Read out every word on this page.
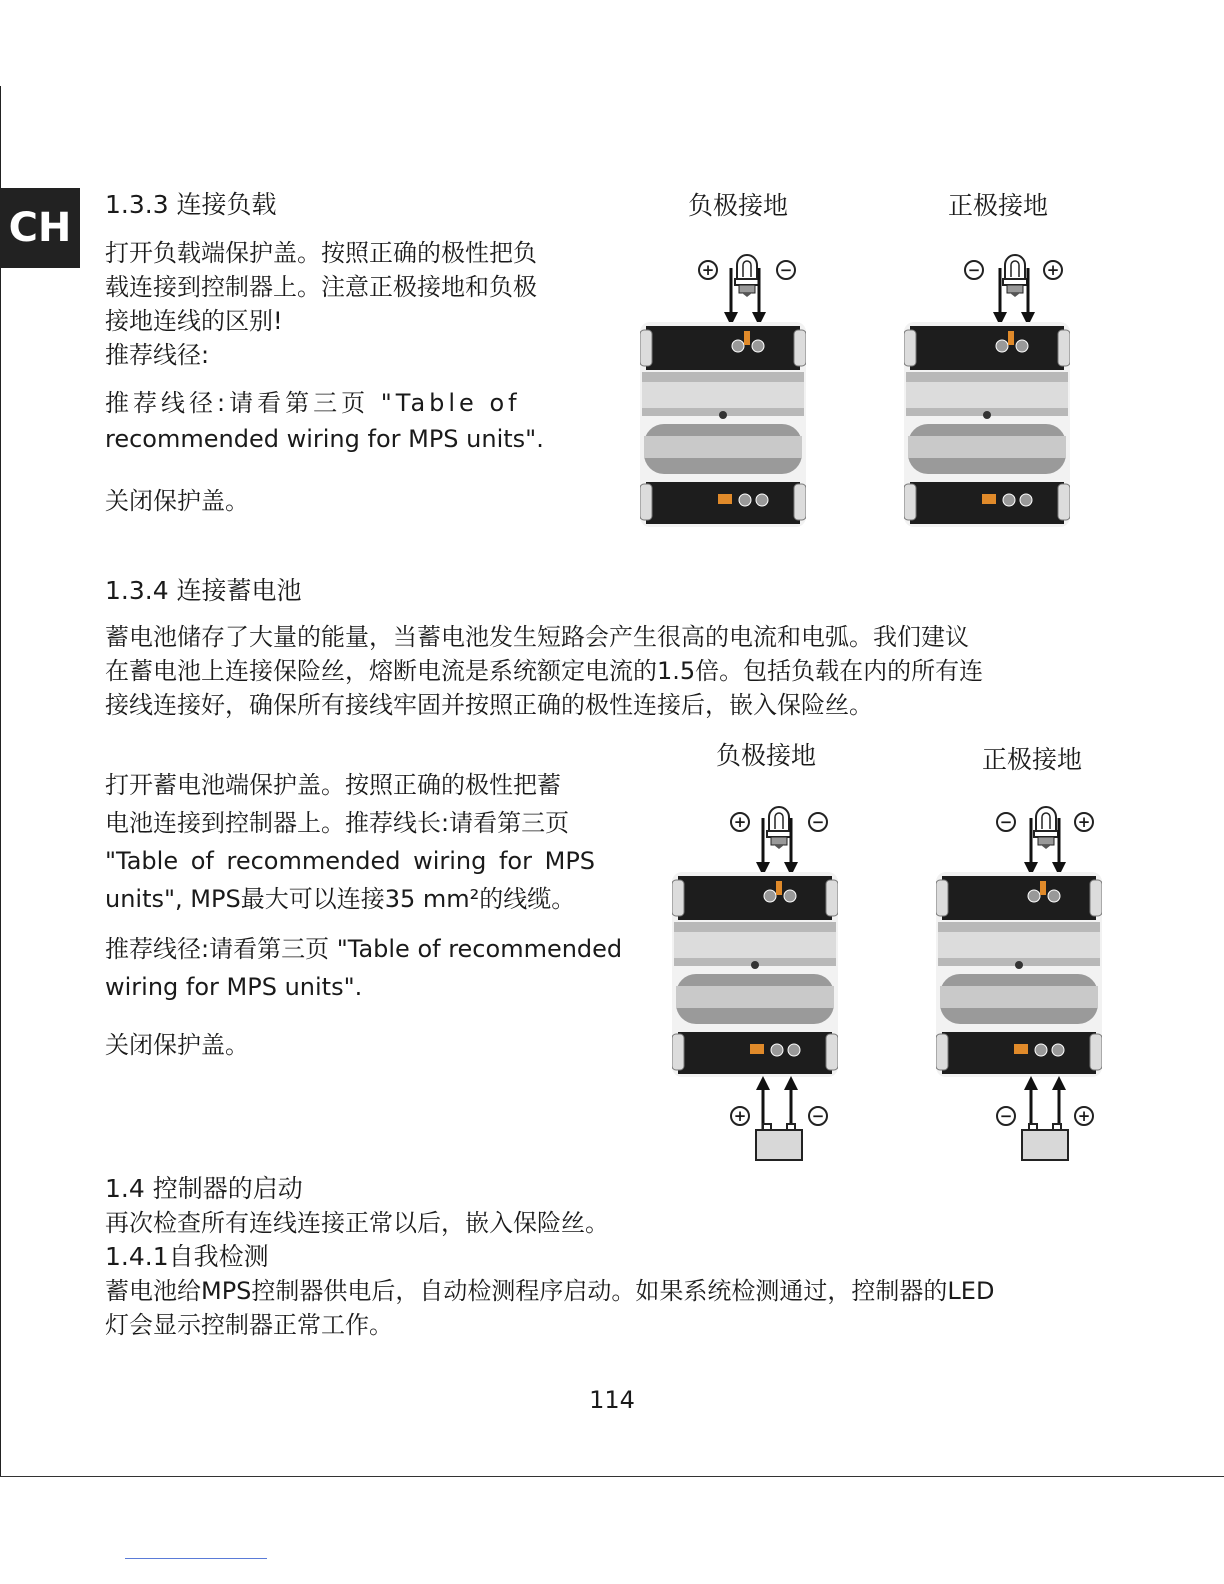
CH

1.3.3 连接负载

打开负载端保护盖。按照正确的极性把负

载连接到控制器上。注意正极接地和负极

接地连线的区别!

推荐线径:

推荐线径:请看第三页 "Table of

recommended wiring for MPS units".

关闭保护盖。

负极接地	正极接地
+	−	−	+

1.3.4 连接蓄电池

蓄电池储存了大量的能量，当蓄电池发生短路会产生很高的电流和电弧。我们建议

在蓄电池上连接保险丝，熔断电流是系统额定电流的1.5倍。包括负载在内的所有连

接线连接好，确保所有接线牢固并按照正确的极性连接后，嵌入保险丝。

打开蓄电池端保护盖。按照正确的极性把蓄

电池连接到控制器上。推荐线长:请看第三页

"Table of recommended wiring for MPS

units", MPS最大可以连接35 mm²的线缆。

推荐线径:请看第三页 "Table of recommended

wiring for MPS units".

关闭保护盖。

负极接地	正极接地
+	−
+	−
−	+
−	+

1.4 控制器的启动

再次检查所有连线连接正常以后，嵌入保险丝。

1.4.1自我检测

蓄电池给MPS控制器供电后，自动检测程序启动。如果系统检测通过，控制器的LED

灯会显示控制器正常工作。

114
